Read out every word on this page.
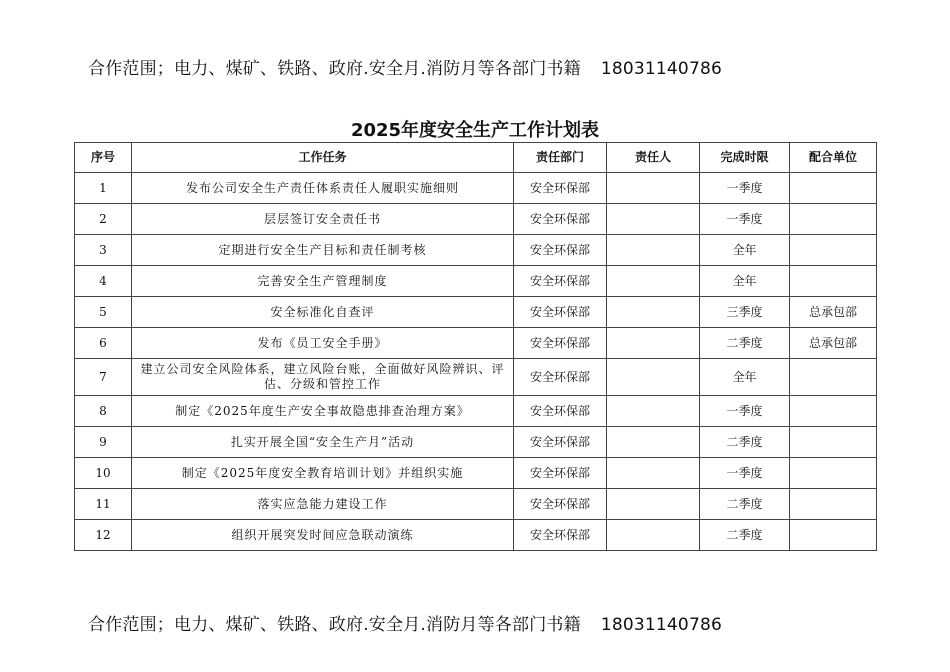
合作范围；电力、煤矿、铁路、政府.安全月.消防月等各部门书籍 18031140786
2025年度安全生产工作计划表
序号	工作任务	责任部门	责任人	完成时限	配合单位
1	发布公司安全生产责任体系责任人履职实施细则	安全环保部		一季度	
2	层层签订安全责任书	安全环保部		一季度	
3	定期进行安全生产目标和责任制考核	安全环保部		全年	
4	完善安全生产管理制度	安全环保部		全年	
5	安全标准化自查评	安全环保部		三季度	总承包部
6	发布《员工安全手册》	安全环保部		二季度	总承包部
7	建立公司安全风险体系，建立风险台账，全面做好风险辨识、评估、分级和管控工作	安全环保部		全年	
8	制定《2025年度生产安全事故隐患排查治理方案》	安全环保部		一季度	
9	扎实开展全国“安全生产月”活动	安全环保部		二季度	
10	制定《2025年度安全教育培训计划》并组织实施	安全环保部		一季度	
11	落实应急能力建设工作	安全环保部		二季度	
12	组织开展突发时间应急联动演练	安全环保部		二季度	
合作范围；电力、煤矿、铁路、政府.安全月.消防月等各部门书籍 18031140786
